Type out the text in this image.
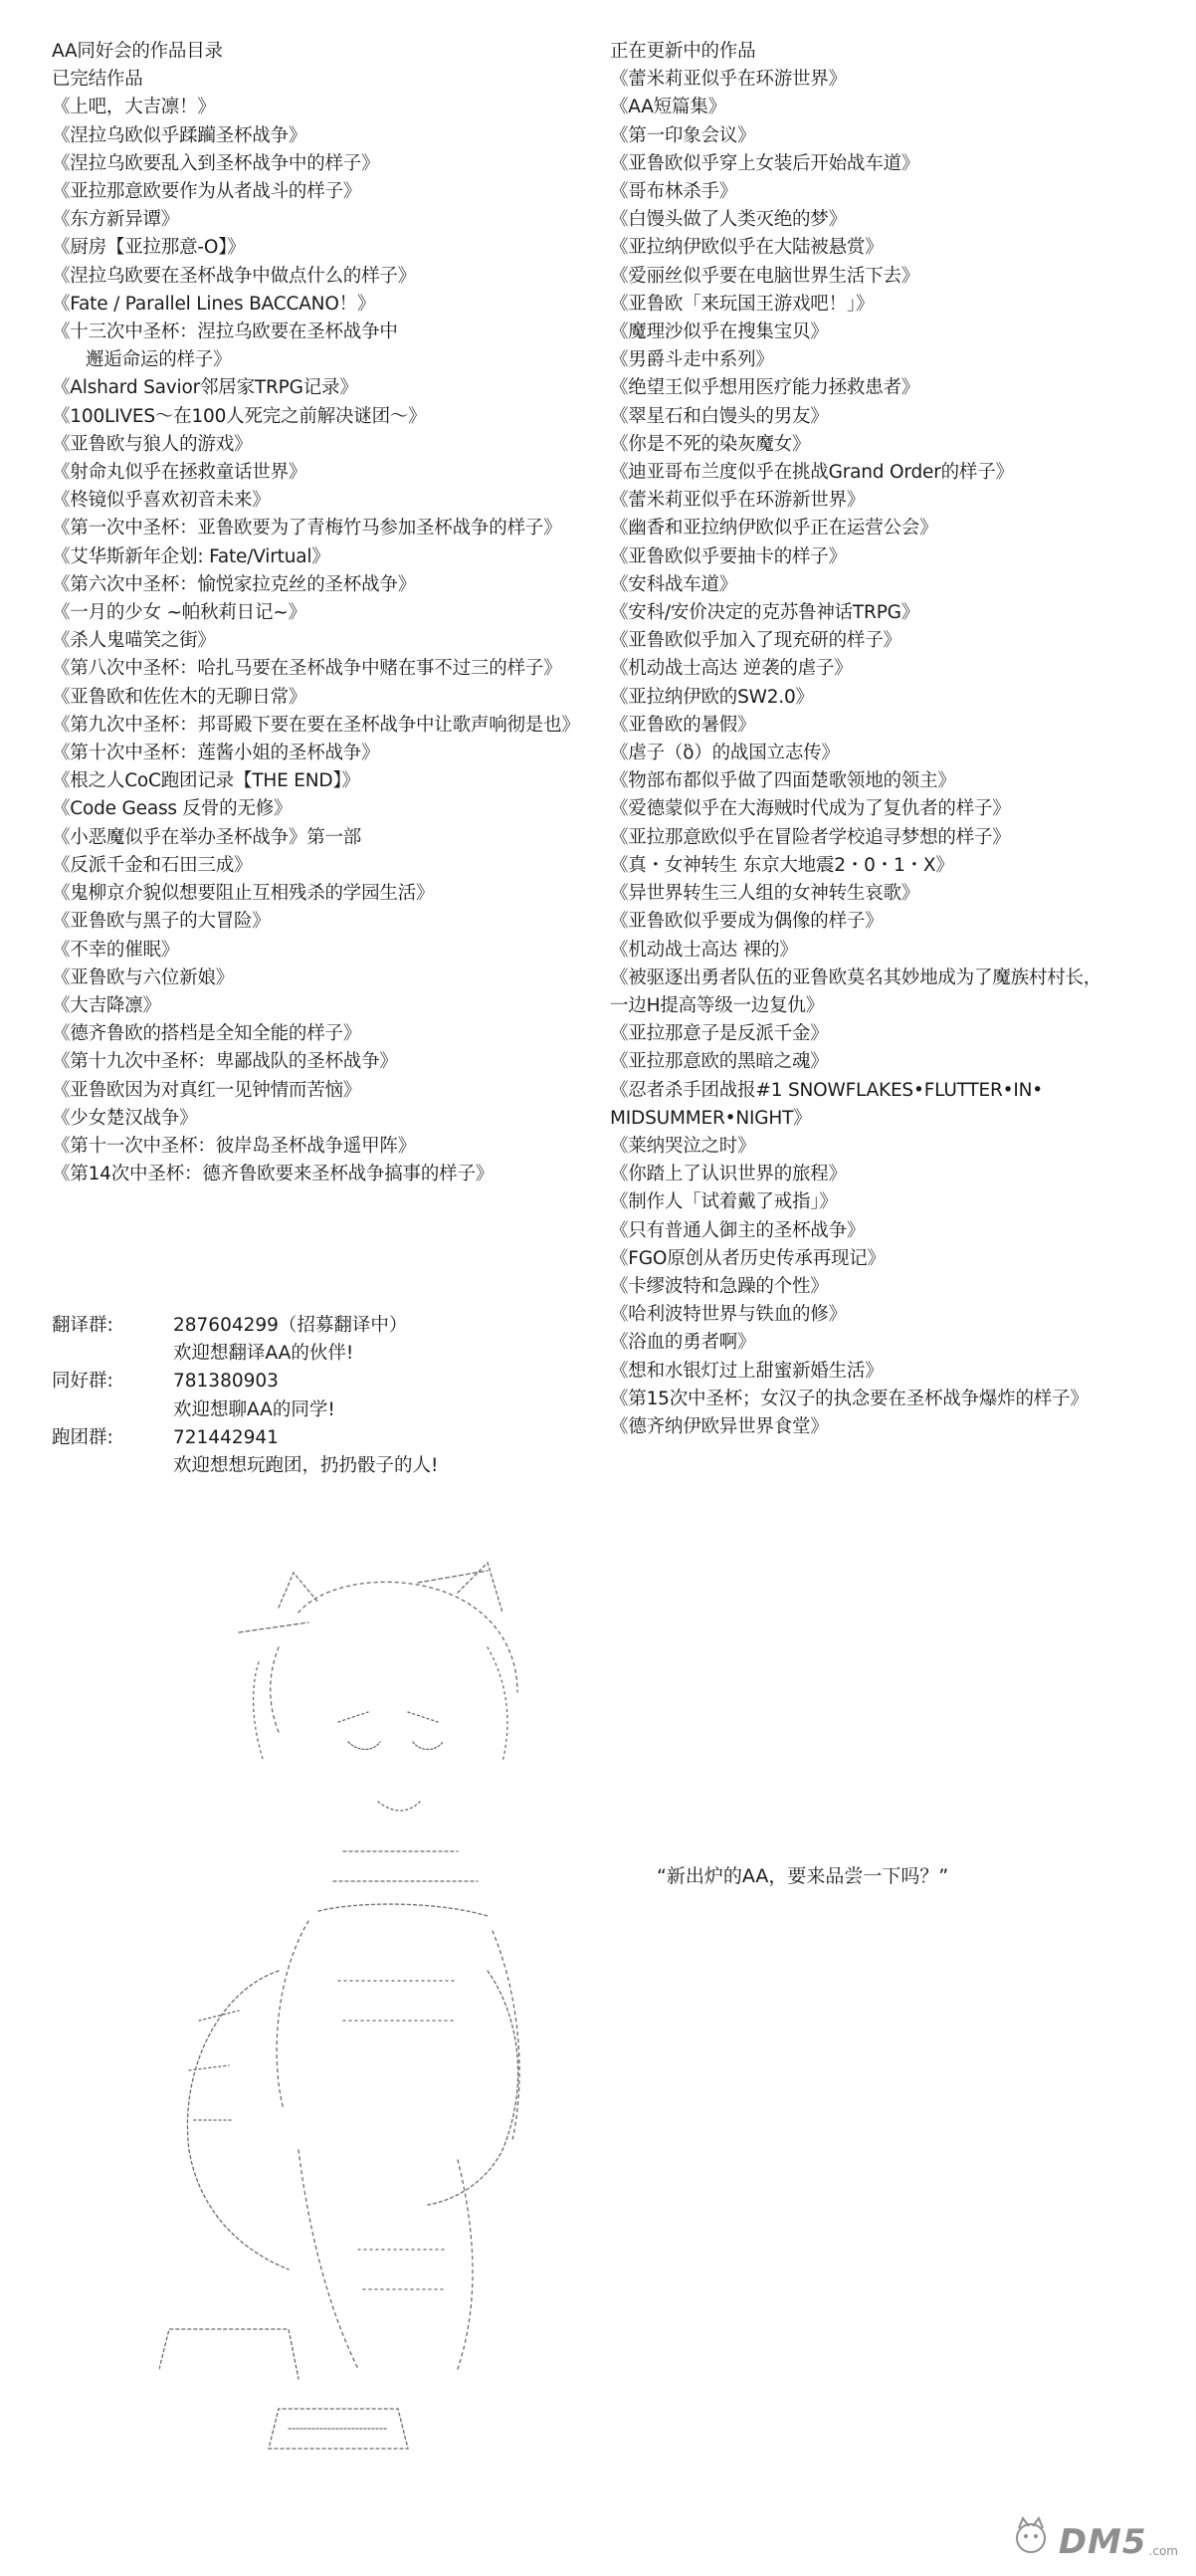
AA同好会的作品目录
已完结作品
《上吧，大吉凛！》
《涅拉乌欧似乎蹂躏圣杯战争》
《涅拉乌欧要乱入到圣杯战争中的样子》
《亚拉那意欧要作为从者战斗的样子》
《东方新异谭》
《厨房【亚拉那意-O】》
《涅拉乌欧要在圣杯战争中做点什么的样子》
《Fate / Parallel Lines BACCANO！》
《十三次中圣杯：涅拉乌欧要在圣杯战争中
邂逅命运的样子》
《Alshard Savior邻居家TRPG记录》
《100LIVES～在100人死完之前解决谜团～》
《亚鲁欧与狼人的游戏》
《射命丸似乎在拯救童话世界》
《柊镜似乎喜欢初音未来》
《第一次中圣杯：亚鲁欧要为了青梅竹马参加圣杯战争的样子》
《艾华斯新年企划: Fate/Virtual》
《第六次中圣杯：愉悦家拉克丝的圣杯战争》
《一月的少女 ~帕秋莉日记~》
《杀人鬼喵笑之街》
《第八次中圣杯：哈扎马要在圣杯战争中赌在事不过三的样子》
《亚鲁欧和佐佐木的无聊日常》
《第九次中圣杯：邦哥殿下要在要在圣杯战争中让歌声响彻是也》
《第十次中圣杯：莲酱小姐的圣杯战争》
《根之人CoC跑团记录【THE END】》
《Code Geass 反骨的无修》
《小恶魔似乎在举办圣杯战争》第一部
《反派千金和石田三成》
《鬼柳京介貌似想要阻止互相残杀的学园生活》
《亚鲁欧与黑子的大冒险》
《不幸的催眠》
《亚鲁欧与六位新娘》
《大吉降凛》
《德齐鲁欧的搭档是全知全能的样子》
《第十九次中圣杯：卑鄙战队的圣杯战争》
《亚鲁欧因为对真红一见钟情而苦恼》
《少女楚汉战争》
《第十一次中圣杯：彼岸岛圣杯战争遥甲阵》
《第14次中圣杯：德齐鲁欧要来圣杯战争搞事的样子》
正在更新中的作品
《蕾米莉亚似乎在环游世界》
《AA短篇集》
《第一印象会议》
《亚鲁欧似乎穿上女装后开始战车道》
《哥布林杀手》
《白馒头做了人类灭绝的梦》
《亚拉纳伊欧似乎在大陆被悬赏》
《爱丽丝似乎要在电脑世界生活下去》
《亚鲁欧「来玩国王游戏吧！」》
《魔理沙似乎在搜集宝贝》
《男爵斗走中系列》
《绝望王似乎想用医疗能力拯救患者》
《翠星石和白馒头的男友》
《你是不死的染灰魔女》
《迪亚哥布兰度似乎在挑战Grand Order的样子》
《蕾米莉亚似乎在环游新世界》
《幽香和亚拉纳伊欧似乎正在运营公会》
《亚鲁欧似乎要抽卡的样子》
《安科战车道》
《安科/安价决定的克苏鲁神话TRPG》
《亚鲁欧似乎加入了现充研的样子》
《机动战士高达 逆袭的虐子》
《亚拉纳伊欧的SW2.0》
《亚鲁欧的暑假》
《虐子（ὃ）的战国立志传》
《物部布都似乎做了四面楚歌领地的领主》
《爱德蒙似乎在大海贼时代成为了复仇者的样子》
《亚拉那意欧似乎在冒险者学校追寻梦想的样子》
《真・女神转生 东京大地震2・0・1・X》
《异世界转生三人组的女神转生哀歌》
《亚鲁欧似乎要成为偶像的样子》
《机动战士高达 裸的》
《被驱逐出勇者队伍的亚鲁欧莫名其妙地成为了魔族村村长，
一边H提高等级一边复仇》
《亚拉那意子是反派千金》
《亚拉那意欧的黑暗之魂》
《忍者杀手团战报#1 SNOWFLAKES•FLUTTER•IN•
MIDSUMMER•NIGHT》
《莱纳哭泣之时》
《你踏上了认识世界的旅程》
《制作人「试着戴了戒指」》
《只有普通人御主的圣杯战争》
《FGO原创从者历史传承再现记》
《卡缪波特和急躁的个性》
《哈利波特世界与铁血的修》
《浴血的勇者啊》
《想和水银灯过上甜蜜新婚生活》
《第15次中圣杯；女汉子的执念要在圣杯战争爆炸的样子》
《德齐纳伊欧异世界食堂》
翻译群:	287604299（招募翻译中）
欢迎想翻译AA的伙伴!
同好群:	781380903
欢迎想聊AA的同学!
跑团群:	721442941
欢迎想想玩跑团，扔扔骰子的人!
“新出炉的AA，要来品尝一下吗？”
DM5 .com
